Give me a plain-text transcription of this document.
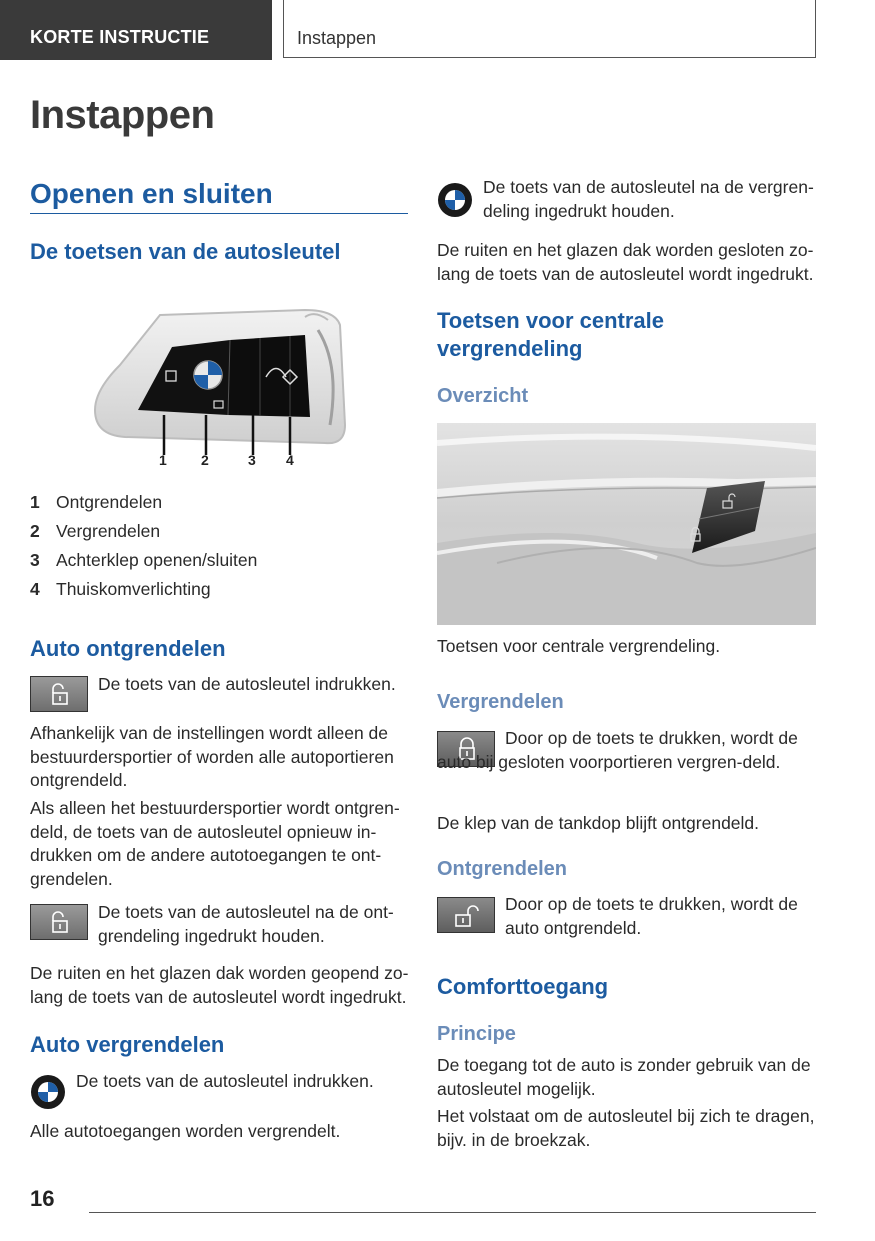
KORTE INSTRUCTIE	Instappen
Instappen
Openen en sluiten
De toetsen van de autosleutel
1 2	3 4
1 Ontgrendelen
2 Vergrendelen
3 Achterklep openen/sluiten
4 Thuiskomverlichting
Auto ontgrendelen

De toets van de autosleutel indrukken.

Afhankelijk van de instellingen wordt alleen de bestuurdersportier of worden alle autoportieren ontgrendeld.

Als alleen het bestuurdersportier wordt ontgren-deld, de toets van de autosleutel opnieuw in-drukken om de andere autotoegangen te ont-grendelen.

De toets van de autosleutel na de ont-grendeling ingedrukt houden.

De ruiten en het glazen dak worden geopend zo-lang de toets van de autosleutel wordt ingedrukt.

Auto vergrendelen

De toets van de autosleutel indrukken.

Alle autotoegangen worden vergrendelt.

De toets van de autosleutel na de vergren-deling ingedrukt houden.

De ruiten en het glazen dak worden gesloten zo-lang de toets van de autosleutel wordt ingedrukt.

Toetsen voor centrale vergrendeling
Overzicht

Toetsen voor centrale vergrendeling.

Vergrendelen

Door op de toets te drukken, wordt de auto bij gesloten voorportieren vergren-deld.

De klep van de tankdop blijft ontgrendeld.

Ontgrendelen

Door op de toets te drukken, wordt de auto ontgrendeld.

Comforttoegang
Principe

De toegang tot de auto is zonder gebruik van de autosleutel mogelijk.

Het volstaat om de autosleutel bij zich te dragen, bijv. in de broekzak.

16
